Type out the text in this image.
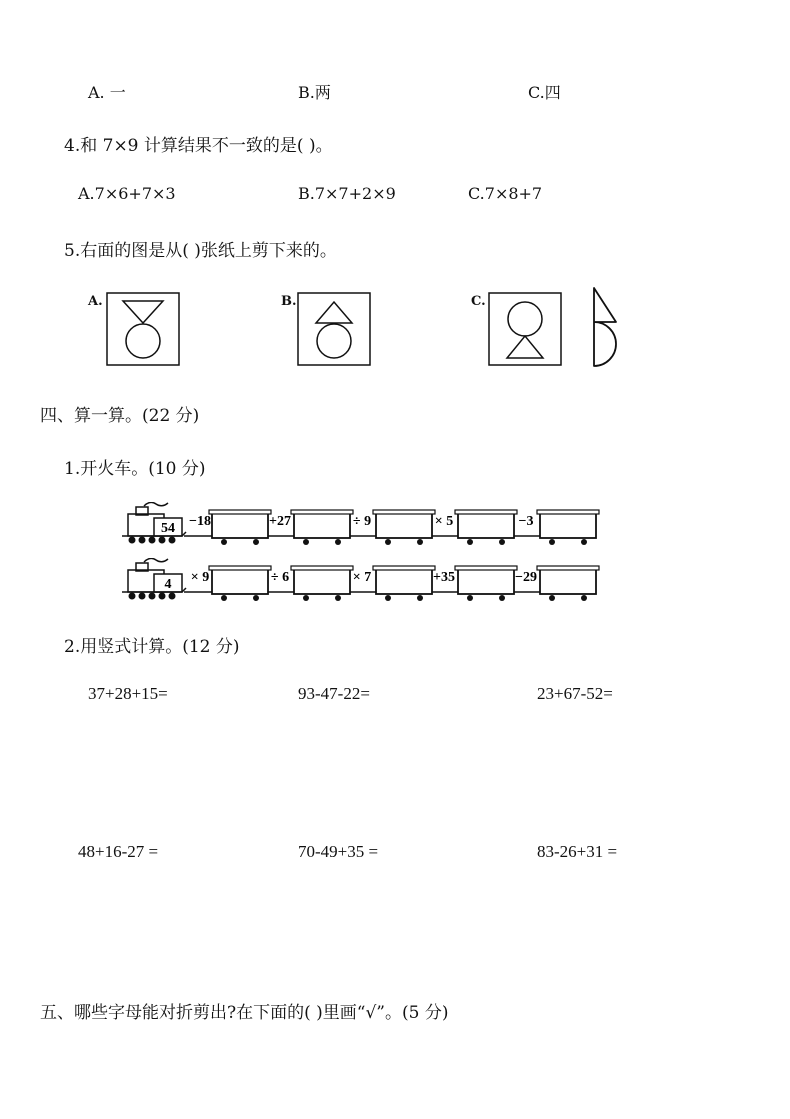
A. 一	B.两	C.四
4.和 7×9 计算结果不一致的是( )。
A.7×6+7×3	B.7×7+2×9	C.7×8+7
5.右面的图是从( )张纸上剪下来的。
A.	B.	C.
四、算一算。(22 分)
1.开火车。(10 分)
54 −18	+27	÷ 9	× 5	−3
4 × 9	÷ 6	× 7	+35	−29
2.用竖式计算。(12 分)
37+28+15=	93-47-22=	23+67-52=
48+16-27 =	70-49+35 =	83-26+31 =
五、哪些字母能对折剪出?在下面的( )里画“√”。(5 分)
